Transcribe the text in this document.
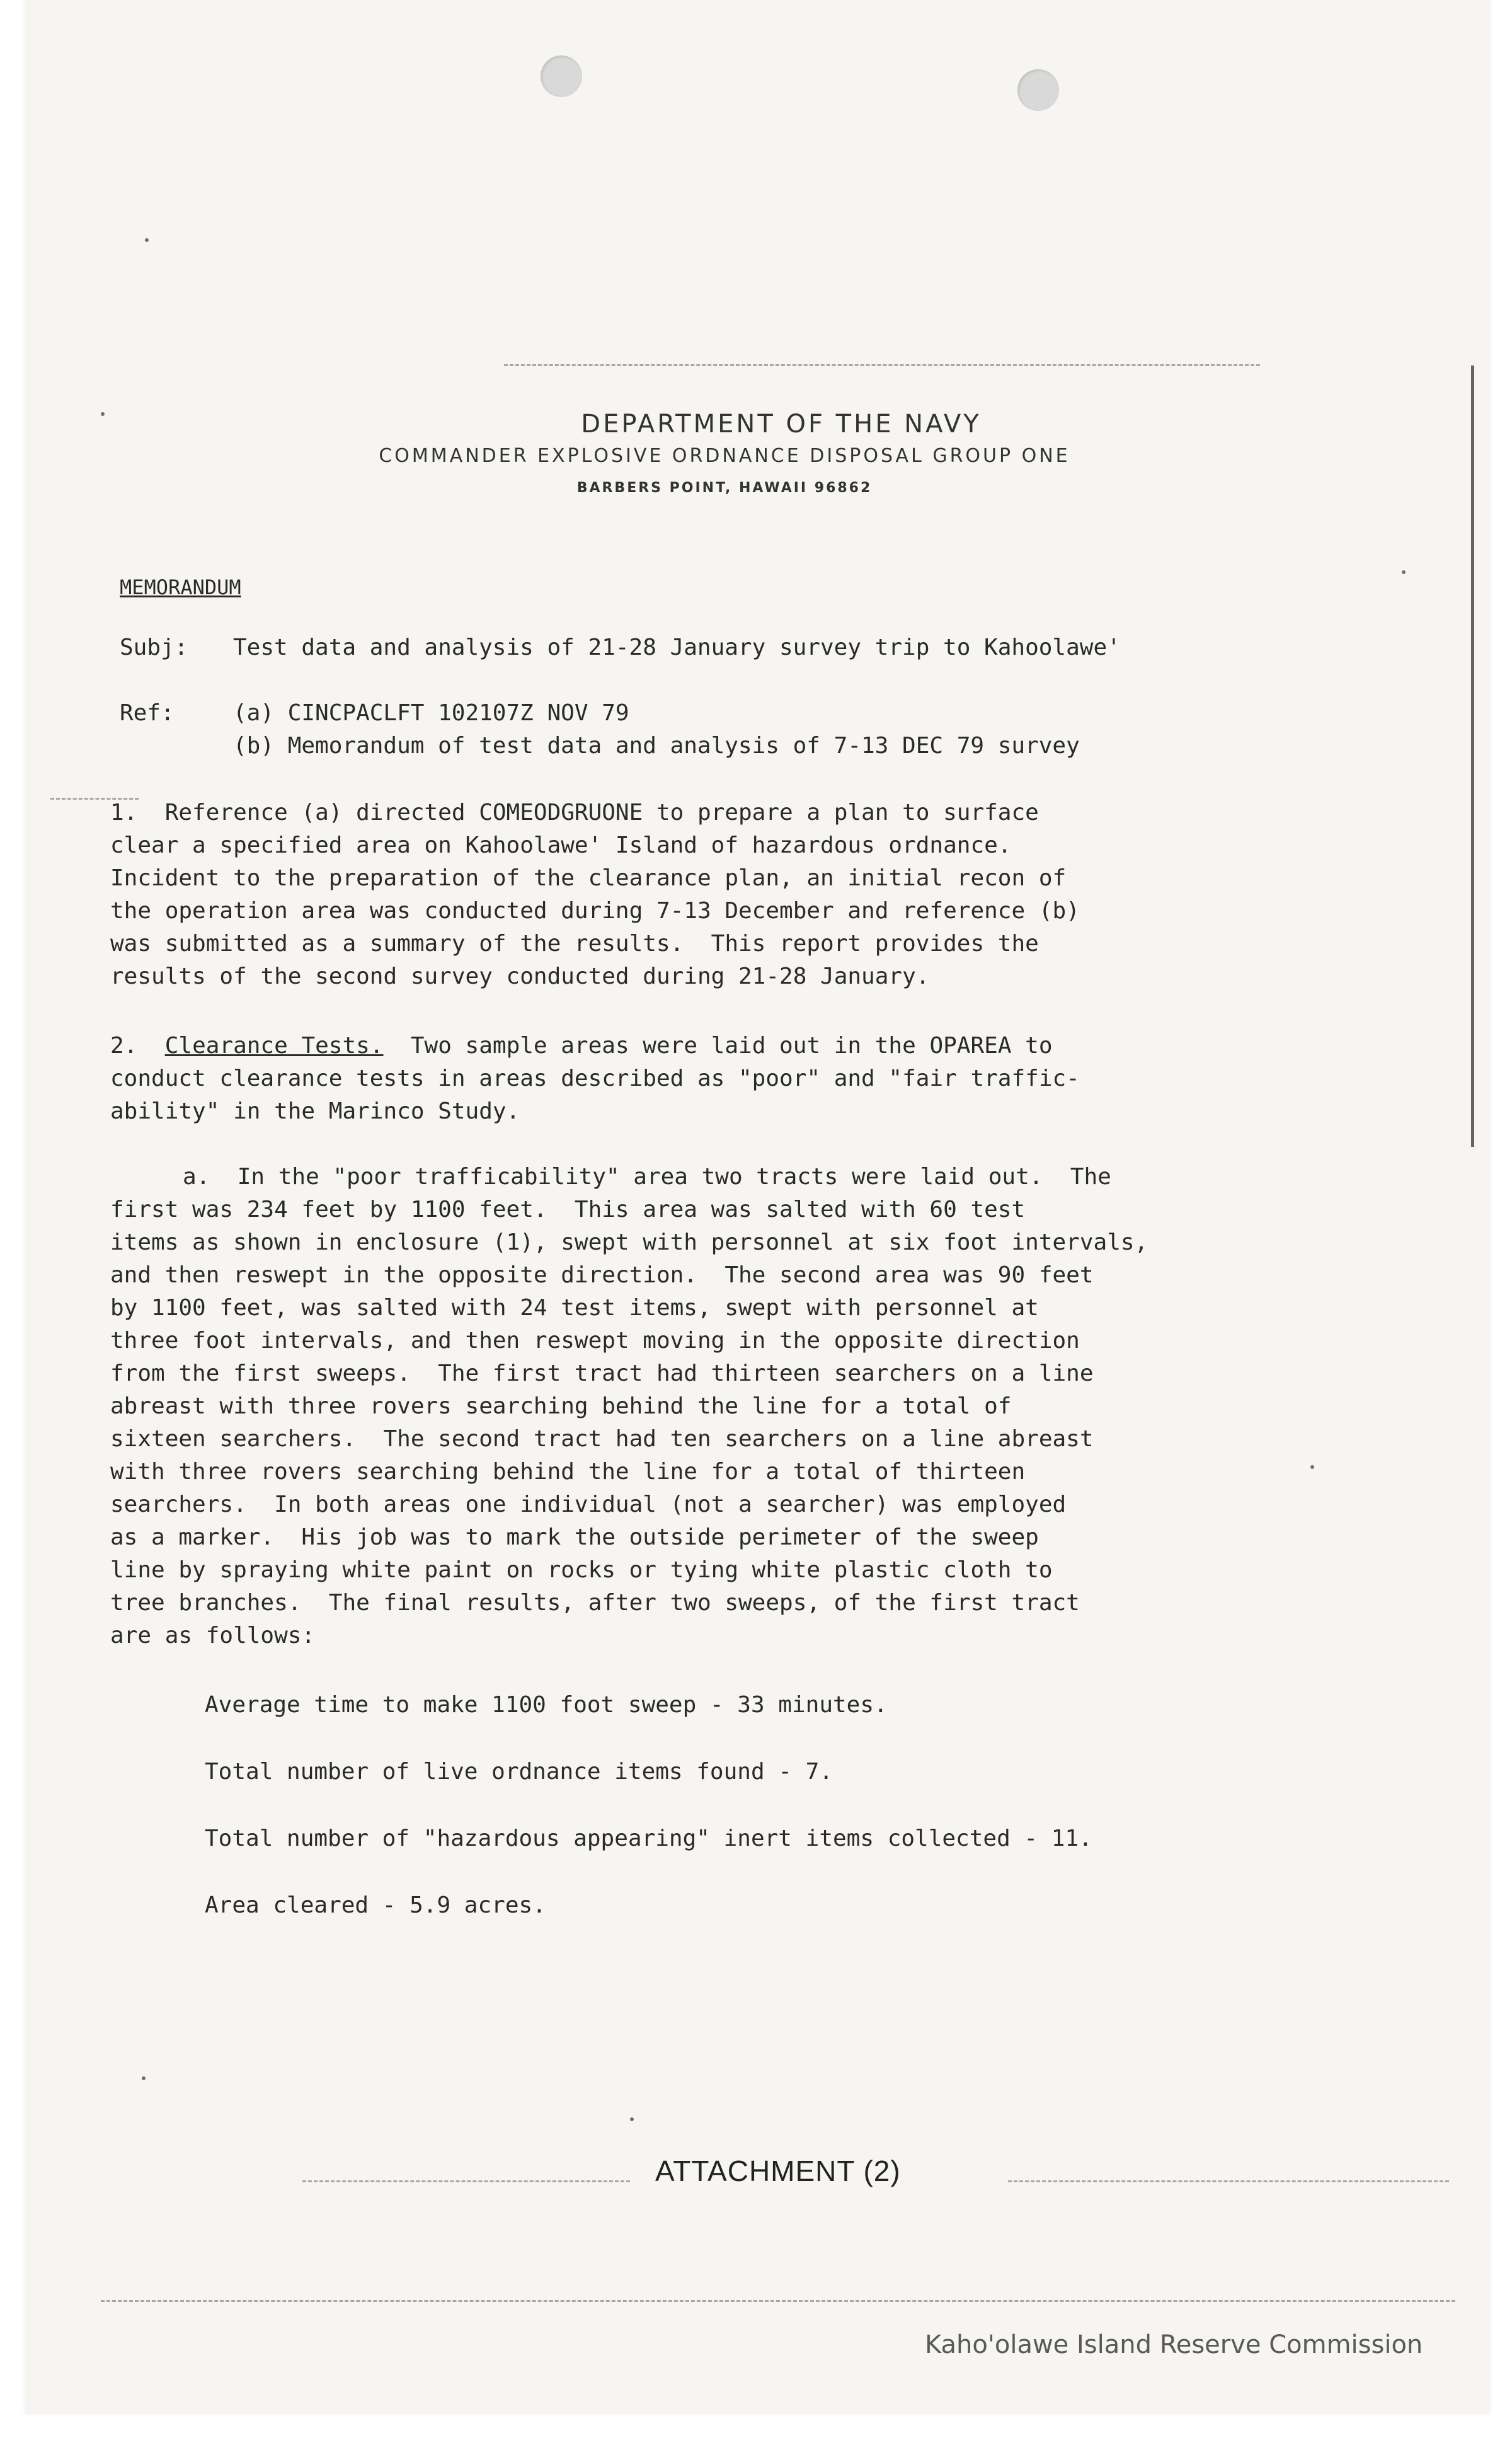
DEPARTMENT OF THE NAVY
COMMANDER EXPLOSIVE ORDNANCE DISPOSAL GROUP ONE
BARBERS POINT, HAWAII 96862
MEMORANDUM
Subj: Test data and analysis of 21-28 January survey trip to Kahoolawe'
Ref:	(a) CINCPACLFT 102107Z NOV 79
(b) Memorandum of test data and analysis of 7-13 DEC 79 survey
1.  Reference (a) directed COMEODGRUONE to prepare a plan to surface
clear a specified area on Kahoolawe' Island of hazardous ordnance.
Incident to the preparation of the clearance plan, an initial recon of
the operation area was conducted during 7-13 December and reference (b)
was submitted as a summary of the results.  This report provides the
results of the second survey conducted during 21-28 January.
2. Clearance Tests.  Two sample areas were laid out in the OPAREA to
conduct clearance tests in areas described as "poor" and "fair traffic-
ability" in the Marinco Study.
a.  In the "poor trafficability" area two tracts were laid out.  The
first was 234 feet by 1100 feet.  This area was salted with 60 test
items as shown in enclosure (1), swept with personnel at six foot intervals,
and then reswept in the opposite direction.  The second area was 90 feet
by 1100 feet, was salted with 24 test items, swept with personnel at
three foot intervals, and then reswept moving in the opposite direction
from the first sweeps.  The first tract had thirteen searchers on a line
abreast with three rovers searching behind the line for a total of
sixteen searchers.  The second tract had ten searchers on a line abreast
with three rovers searching behind the line for a total of thirteen
searchers.  In both areas one individual (not a searcher) was employed
as a marker.  His job was to mark the outside perimeter of the sweep
line by spraying white paint on rocks or tying white plastic cloth to
tree branches.  The final results, after two sweeps, of the first tract
are as follows:
Average time to make 1100 foot sweep - 33 minutes.
Total number of live ordnance items found - 7.
Total number of "hazardous appearing" inert items collected - 11.
Area cleared - 5.9 acres.
ATTACHMENT (2)
Kaho'olawe Island Reserve Commission
